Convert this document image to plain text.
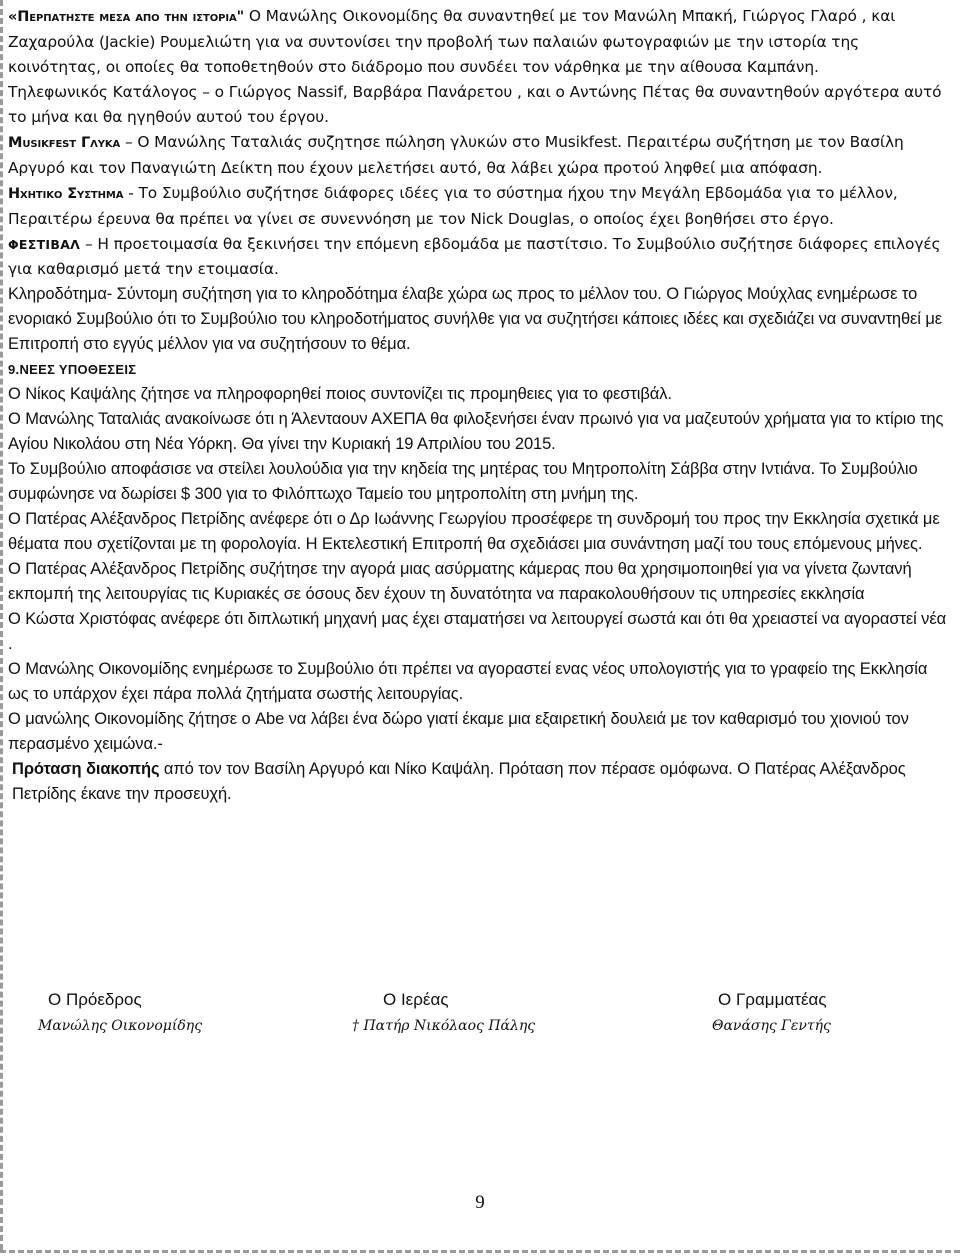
«Περπατηστε μεσα απο την ιστορια" Ο Μανώλης Οικονομίδης θα συναντηθεί με τον Μανώλη Μπακή, Γιώργος Γλαρό , και Ζαχαρούλα (Jackie) Ρουμελιώτη για να συντονίσει την προβολή των παλαιών φωτογραφιών με την ιστορία της κοινότητας, οι οποίες θα τοποθετηθούν στο διάδρομο που συνδέει τον νάρθηκα με την αίθουσα Καμπάνη.

Τηλεφωνικός Κατάλογος – ο Γιώργος Nassif, Βαρβάρα Πανάρετου , και ο Αντώνης Πέτας θα συναντηθούν αργότερα αυτό το μήνα και θα ηγηθούν αυτού του έργου.

Musikfest Γλυκα – Ο Μανώλης Ταταλιάς συζητησε πώληση γλυκών στο Musikfest. Περαιτέρω συζήτηση με τον Βασίλη Αργυρό και τον Παναγιώτη Δείκτη που έχουν μελετήσει αυτό, θα λάβει χώρα προτού ληφθεί μια απόφαση.

Ηχητικο Συστημα - Το Συμβούλιο συζήτησε διάφορες ιδέες για το σύστημα ήχου την Μεγάλη Εβδομάδα για το μέλλον, Περαιτέρω έρευνα θα πρέπει να γίνει σε συνεννόηση με τον Nick Douglas, ο οποίος έχει βοηθήσει στο έργο.

ΦΕΣΤΙΒΑΛ – Η προετοιμασία θα ξεκινήσει την επόμενη εβδομάδα με παστίτσιο. Το Συμβούλιο συζήτησε διάφορες επιλογές για καθαρισμό μετά την ετοιμασία.

Κληροδότημα- Σύντομη συζήτηση για το κληροδότημα έλαβε χώρα ως προς το μέλλον του. Ο Γιώργος Μούχλας ενημέρωσε το ενοριακό Συμβούλιο ότι το Συμβούλιο του κληροδοτήματος συνήλθε για να συζητήσει κάποιες ιδέες και σχεδιάζει να συναντηθεί με Επιτροπή στο εγγύς μέλλον για να συζητήσουν το θέμα.

9.ΝΕΕΣ ΥΠΟΘΕΣΕΙΣ

Ο Νίκος Καψάλης ζήτησε να πληροφορηθεί ποιος συντονίζει τις προμηθειες για το φεστιβάλ.

Ο Μανώλης Ταταλιάς ανακοίνωσε ότι η Άλενταουν ΑΧΕΠΑ θα φιλοξενήσει έναν πρωινό για να μαζευτούν χρήματα για το κτίριο της Αγίου Νικολάου στη Νέα Υόρκη. Θα γίνει την Κυριακή 19 Απριλίου του 2015.

Το Συμβούλιο αποφάσισε να στείλει λουλούδια για την κηδεία της μητέρας του Μητροπολίτη Σάββα στην Ιντιάνα. Το Συμβούλιο συμφώνησε να δωρίσει $ 300 για το Φιλόπτωχο Ταμείο του μητροπολίτη στη μνήμη της.

Ο Πατέρας Αλέξανδρος Πετρίδης ανέφερε ότι ο Δρ Ιωάννης Γεωργίου προσέφερε τη συνδρομή του προς την Εκκλησία σχετικά με θέματα που σχετίζονται με τη φορολογία. Η Εκτελεστική Επιτροπή θα σχεδιάσει μια συνάντηση μαζί του τους επόμενους μήνες.

Ο Πατέρας Αλέξανδρος Πετρίδης συζήτησε την αγορά μιας ασύρματης κάμερας που θα χρησιμοποιηθεί για να γίνετα ζωντανή εκπομπή της λειτουργίας τις Κυριακές σε όσους δεν έχουν τη δυνατότητα να παρακολουθήσουν τις υπηρεσίες εκκλησία

Ο Κώστα Χριστόφας ανέφερε ότι διπλωτική μηχανή μας έχει σταματήσει να λειτουργεί σωστά και ότι θα χρειαστεί να αγοραστεί νέα .

Ο Μανώλης Οικονομίδης ενημέρωσε το Συμβούλιο ότι πρέπει να αγοραστεί ενας νέος υπολογιστής για το γραφείο της Εκκλησία ως το υπάρχον έχει πάρα πολλά ζητήματα σωστής λειτουργίας.

Ο μανώλης Οικονομίδης ζήτησε ο Abe να λάβει ένα δώρο γιατί έκαμε μια εξαιρετική δουλειά με τον καθαρισμό του χιονιού τον περασμένο χειμώνα.-

Πρόταση διακοπής από τον τον Βασίλη Αργυρό και Νίκο Καψάλη. Πρόταση πον πέρασε ομόφωνα. Ο Πατέρας Αλέξανδρος Πετρίδης έκανε την προσευχή.

Ο Πρόεδρος	Ο Ιερέας	Ο Γραμματέας
Μανώλης Οικονομίδης	† Πατήρ Νικόλαος Πάλης	Θανάσης Γεντής
9
